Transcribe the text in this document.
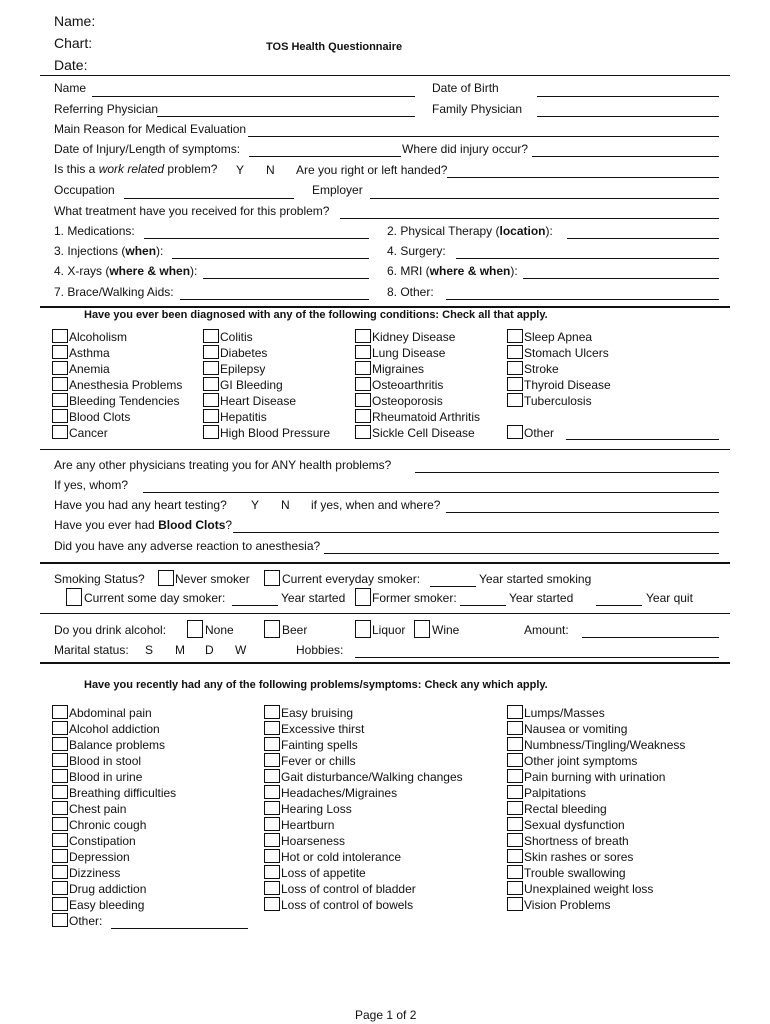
Name:
Chart:
Date:
TOS Health Questionnaire
Name	Date of Birth
Referring Physician	Family Physician
Main Reason for Medical Evaluation
Date of Injury/Length of symptoms:	Where did injury occur?
Is this a work related problem? Y N Are you right or left handed?
Occupation	Employer
What treatment have you received for this problem?
1. Medications:	2. Physical Therapy (location):
3. Injections (when):	4. Surgery:
4. X-rays (where & when):	6. MRI (where & when):
7. Brace/Walking Aids:	8. Other:
Have you ever been diagnosed with any of the following conditions: Check all that apply.
Alcoholism
Asthma
Anemia
Anesthesia Problems
Bleeding Tendencies
Blood Clots
Cancer
Colitis
Diabetes
Epilepsy
GI Bleeding
Heart Disease
Hepatitis
High Blood Pressure
Kidney Disease
Lung Disease
Migraines
Osteoarthritis
Osteoporosis
Rheumatoid Arthritis
Sickle Cell Disease
Sleep Apnea
Stomach Ulcers
Stroke
Thyroid Disease
Tuberculosis
Other
Are any other physicians treating you for ANY health problems?
If yes, whom?
Have you had any heart testing? Y N if yes, when and where?
Have you ever had Blood Clots?
Did you have any adverse reaction to anesthesia?
Smoking Status?	Never smoker	Current everyday smoker:	Year started smoking
Current some day smoker:	Year started Former smoker:	Year started	Year quit
Do you drink alcohol:	None	Beer	Liquor Wine	Amount:
Marital status: S M D W	Hobbies:
Have you recently had any of the following problems/symptoms: Check any which apply.
Abdominal pain
Alcohol addiction
Balance problems
Blood in stool
Blood in urine
Breathing difficulties
Chest pain
Chronic cough
Constipation
Depression
Dizziness
Drug addiction
Easy bleeding
Other:
Easy bruising
Excessive thirst
Fainting spells
Fever or chills
Gait disturbance/Walking changes
Headaches/Migraines
Hearing Loss
Heartburn
Hoarseness
Hot or cold intolerance
Loss of appetite
Loss of control of bladder
Loss of control of bowels
Lumps/Masses
Nausea or vomiting
Numbness/Tingling/Weakness
Other joint symptoms
Pain burning with urination
Palpitations
Rectal bleeding
Sexual dysfunction
Shortness of breath
Skin rashes or sores
Trouble swallowing
Unexplained weight loss
Vision Problems
Page 1 of 2
